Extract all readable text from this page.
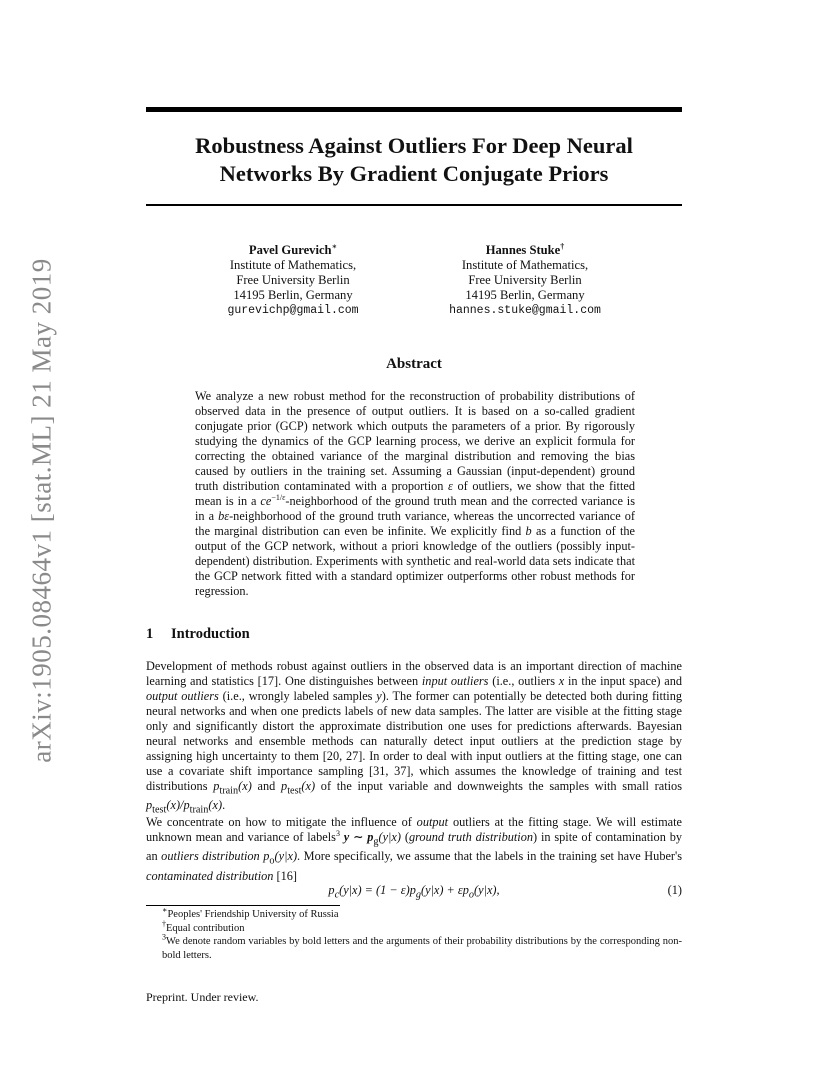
arXiv:1905.08464v1 [stat.ML] 21 May 2019
Robustness Against Outliers For Deep Neural
Networks By Gradient Conjugate Priors
Pavel Gurevich∗
Institute of Mathematics,
Free University Berlin
14195 Berlin, Germany
gurevichp@gmail.com
Hannes Stuke†
Institute of Mathematics,
Free University Berlin
14195 Berlin, Germany
hannes.stuke@gmail.com
Abstract

We analyze a new robust method for the reconstruction of probability distributions of observed data in the presence of output outliers. It is based on a so-called gradient conjugate prior (GCP) network which outputs the parameters of a prior. By rigorously studying the dynamics of the GCP learning process, we derive an explicit formula for correcting the obtained variance of the marginal distribution and removing the bias caused by outliers in the training set. Assuming a Gaussian (input-dependent) ground truth distribution contaminated with a proportion ε of outliers, we show that the fitted mean is in a $ce^{-1/\varepsilon}$-neighborhood of the ground truth mean and the corrected variance is in a bε-neighborhood of the ground truth variance, whereas the uncorrected variance of the marginal distribution can even be infinite. We explicitly find b as a function of the output of the GCP network, without a priori knowledge of the outliers (possibly input-dependent) distribution. Experiments with synthetic and real-world data sets indicate that the GCP network fitted with a standard optimizer outperforms other robust methods for regression.

1 Introduction

Development of methods robust against outliers in the observed data is an important direction of machine learning and statistics [17]. One distinguishes between input outliers (i.e., outliers x in the input space) and output outliers (i.e., wrongly labeled samples y). The former can potentially be detected both during fitting neural networks and when one predicts labels of new data samples. The latter are visible at the fitting stage only and significantly distort the approximate distribution one uses for predictions afterwards. Bayesian neural networks and ensemble methods can naturally detect input outliers at the prediction stage by assigning high uncertainty to them [20, 27]. In order to deal with input outliers at the fitting stage, one can use a covariate shift importance sampling [31, 37], which assumes the knowledge of training and test distributions $p_{train}(x)$ and $p_{test}(x)$ of the input variable and downweights the samples with small ratios $p_{test}(x)/p_{train}(x)$.

We concentrate on how to mitigate the influence of output outliers at the fitting stage. We will estimate unknown mean and variance of labels$^3$ y ∼ $p_g(y|x)$ (ground truth distribution) in spite of contamination by an outliers distribution $p_o(y|x)$. More specifically, we assume that the labels in the training set have Huber's contaminated distribution [16]

$p_c(y|x) = (1 - \varepsilon)p_g(y|x) + \varepsilon p_o(y|x)$,	(1)

∗Peoples' Friendship University of Russia

†Equal contribution

$^3$We denote random variables by bold letters and the arguments of their probability distributions by the corresponding non-bold letters.

Preprint. Under review.
